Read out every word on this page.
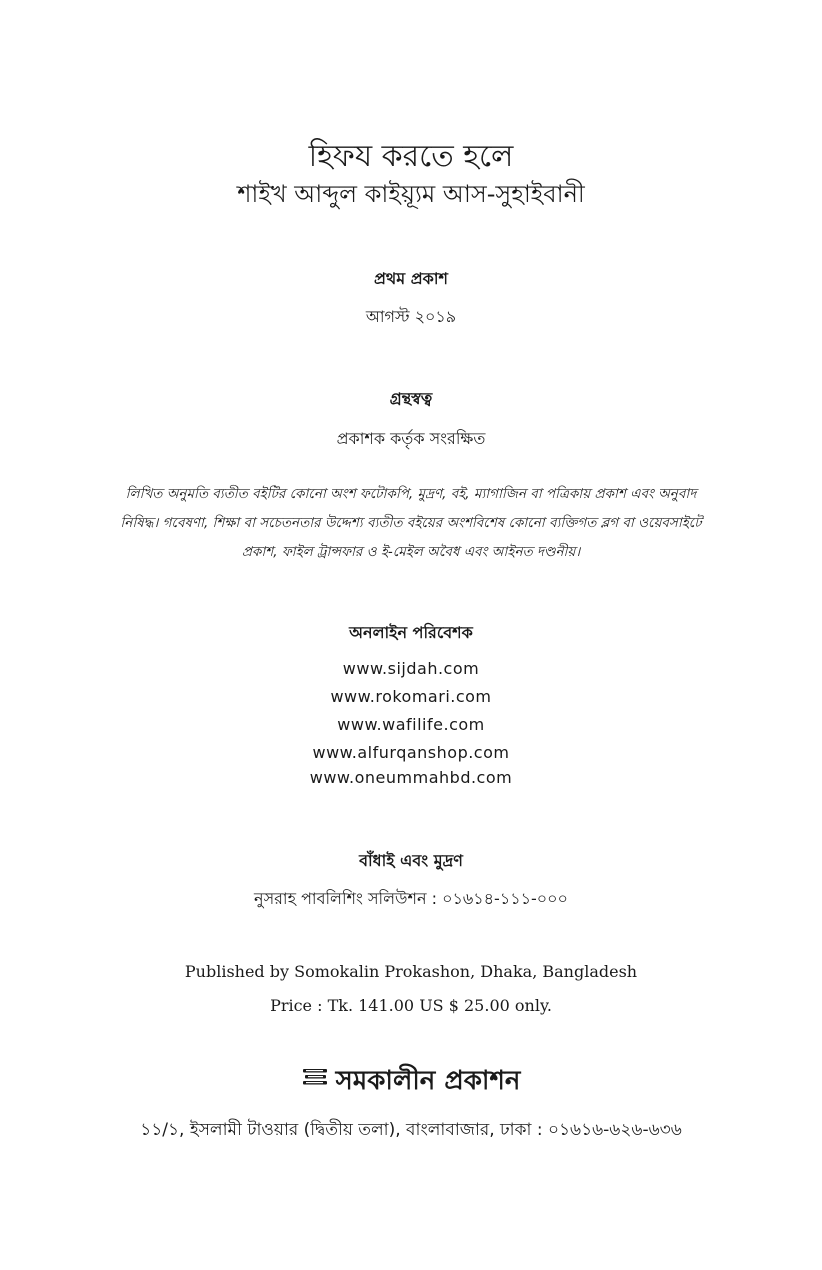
হিফয করতে হলে
শাইখ আব্দুল কাইয়্যূম আস-সুহাইবানী
প্রথম প্রকাশ
আগস্ট ২০১৯
গ্রন্থস্বত্ব
প্রকাশক কর্তৃক সংরক্ষিত
লিখিত অনুমতি ব্যতীত বইটির কোনো অংশ ফটোকপি, মুদ্রণ, বই, ম্যাগাজিন বা পত্রিকায় প্রকাশ এবং অনুবাদ
নিষিদ্ধ। গবেষণা, শিক্ষা বা সচেতনতার উদ্দেশ্য ব্যতীত বইয়ের অংশবিশেষ কোনো ব্যক্তিগত ব্লগ বা ওয়েবসাইটে
প্রকাশ, ফাইল ট্রান্সফার ও ই-মেইল অবৈধ এবং আইনত দণ্ডনীয়।
অনলাইন পরিবেশক
www.sijdah.com
www.rokomari.com
www.wafilife.com
www.alfurqanshop.com
www.oneummahbd.com
বাঁধাই এবং মুদ্রণ
নুসরাহ পাবলিশিং সলিউশন : ০১৬১৪-১১১-০০০
Published by Somokalin Prokashon, Dhaka, Bangladesh
Price : Tk. 141.00 US $ 25.00 only.
সমকালীন প্রকাশন
১১/১, ইসলামী টাওয়ার (দ্বিতীয় তলা), বাংলাবাজার, ঢাকা : ০১৬১৬-৬২৬-৬৩৬
